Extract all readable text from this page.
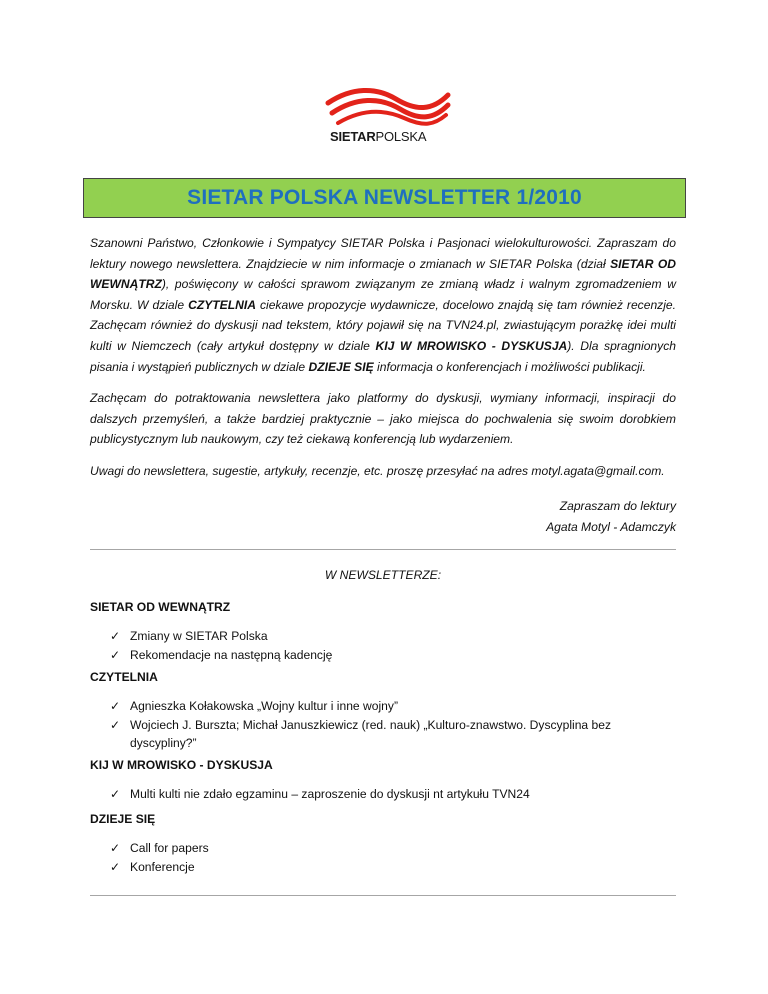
SIETARPOLSKA
SIETAR POLSKA NEWSLETTER 1/2010

Szanowni Państwo, Członkowie i Sympatycy SIETAR Polska i Pasjonaci wielokulturowości. Zapraszam do lektury nowego newslettera. Znajdziecie w nim informacje o zmianach w SIETAR Polska (dział SIETAR OD WEWNĄTRZ), poświęcony w całości sprawom związanym ze zmianą władz i walnym zgromadzeniem w Morsku. W dziale CZYTELNIA ciekawe propozycje wydawnicze, docelowo znajdą się tam również recenzje. Zachęcam również do dyskusji nad tekstem, który pojawił się na TVN24.pl, zwiastującym porażkę idei multi kulti w Niemczech (cały artykuł dostępny w dziale KIJ W MROWISKO - DYSKUSJA). Dla spragnionych pisania i wystąpień publicznych w dziale DZIEJE SIĘ informacja o konferencjach i możliwości publikacji.

Zachęcam do potraktowania newslettera jako platformy do dyskusji, wymiany informacji, inspiracji do dalszych przemyśleń, a także bardziej praktycznie – jako miejsca do pochwalenia się swoim dorobkiem publicystycznym lub naukowym, czy też ciekawą konferencją lub wydarzeniem.

Uwagi do newslettera, sugestie, artykuły, recenzje, etc. proszę przesyłać na adres motyl.agata@gmail.com.

Zapraszam do lektury
Agata Motyl - Adamczyk
W NEWSLETTERZE:
SIETAR OD WEWNĄTRZ
✓ Zmiany w SIETAR Polska
✓ Rekomendacje na następną kadencję
CZYTELNIA
✓ Agnieszka Kołakowska „Wojny kultur i inne wojny”
✓ Wojciech J. Burszta; Michał Januszkiewicz (red. nauk) „Kulturo-znawstwo. Dyscyplina bez dyscypliny?”
KIJ W MROWISKO - DYSKUSJA
✓ Multi kulti nie zdało egzaminu – zaproszenie do dyskusji nt artykułu TVN24
DZIEJE SIĘ
✓ Call for papers
✓ Konferencje
